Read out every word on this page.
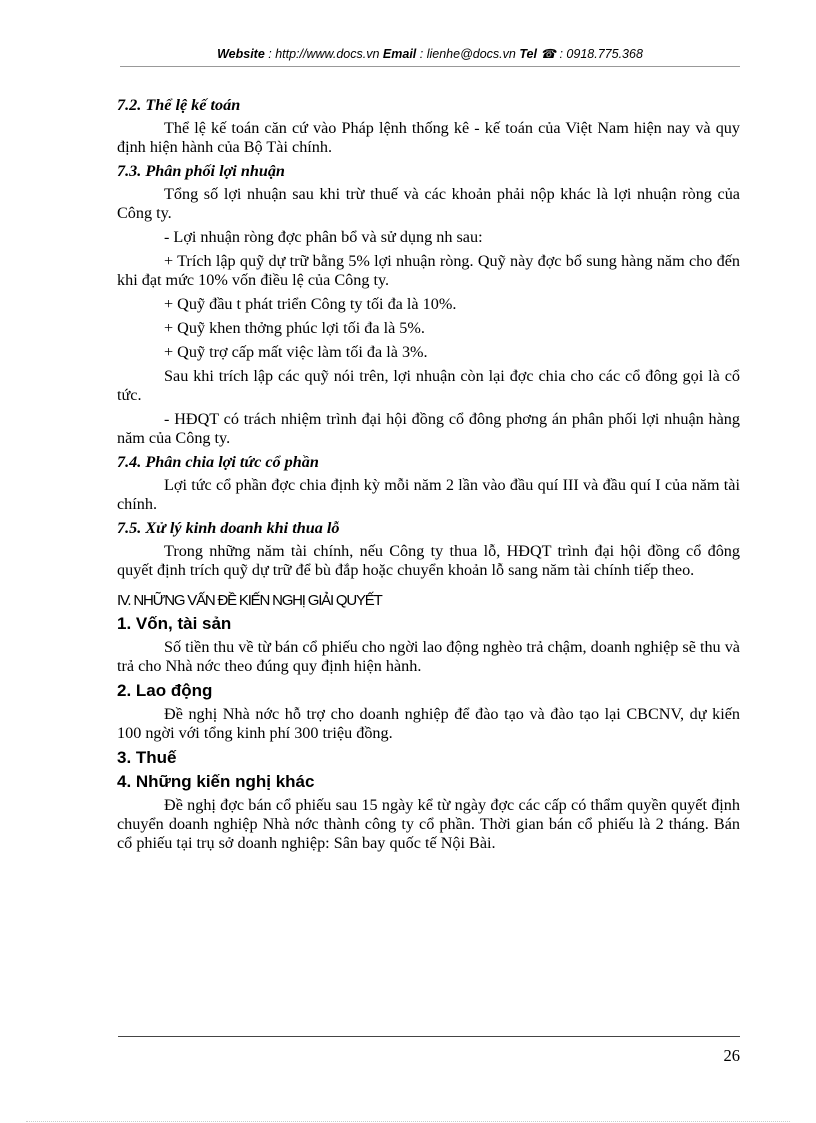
Website : http://www.docs.vn Email : lienhe@docs.vn Tel ☎ : 0918.775.368
7.2. Thể lệ kế toán
Thể lệ kế toán căn cứ vào Pháp lệnh thống kê - kế toán của Việt Nam hiện nay và quy định hiện hành của Bộ Tài chính.
7.3. Phân phối lợi nhuận
Tổng số lợi nhuận sau khi trừ thuế và các khoản phải nộp khác là lợi nhuận ròng của Công ty.
- Lợi nhuận ròng đợc phân bổ và sử dụng nh sau:
+ Trích lập quỹ dự trữ bằng 5% lợi nhuận ròng. Quỹ này đợc bổ sung hàng năm cho đến khi đạt mức 10% vốn điều lệ của Công ty.
+ Quỹ đầu t phát triển Công ty tối đa là 10%.
+ Quỹ khen thởng phúc lợi tối đa là 5%.
+ Quỹ trợ cấp mất việc làm tối đa là 3%.
Sau khi trích lập các quỹ nói trên, lợi nhuận còn lại đợc chia cho các cổ đông gọi là cổ tức.
- HĐQT có trách nhiệm trình đại hội đồng cổ đông phơng án phân phối lợi nhuận hàng năm của Công ty.
7.4. Phân chia lợi tức cổ phần
Lợi tức cổ phần đợc chia định kỳ mỗi năm 2 lần vào đầu quí III và đầu quí I của năm tài chính.
7.5. Xử lý kinh doanh khi thua lỗ
Trong những năm tài chính, nếu Công ty thua lỗ, HĐQT trình đại hội đồng cổ đông quyết định trích quỹ dự trữ để bù đắp hoặc chuyển khoản lỗ sang năm tài chính tiếp theo.
IV. NHỮNG VẤN ĐỀ KIẾN NGHỊ GIẢI QUYẾT
1. Vốn, tài sản
Số tiền thu về từ bán cổ phiếu cho ngời lao động nghèo trả chậm, doanh nghiệp sẽ thu và trả cho Nhà nớc theo đúng quy định hiện hành.
2. Lao động
Đề nghị Nhà nớc hỗ trợ cho doanh nghiệp để đào tạo và đào tạo lại CBCNV, dự kiến 100 ngời với tổng kinh phí 300 triệu đồng.
3. Thuế
4. Những kiến nghị khác
Đề nghị đợc bán cổ phiếu sau 15 ngày kể từ ngày đợc các cấp có thẩm quyền quyết định chuyển doanh nghiệp Nhà nớc thành công ty cổ phần. Thời gian bán cổ phiếu là 2 tháng. Bán cổ phiếu tại trụ sở doanh nghiệp: Sân bay quốc tế Nội Bài.
26
